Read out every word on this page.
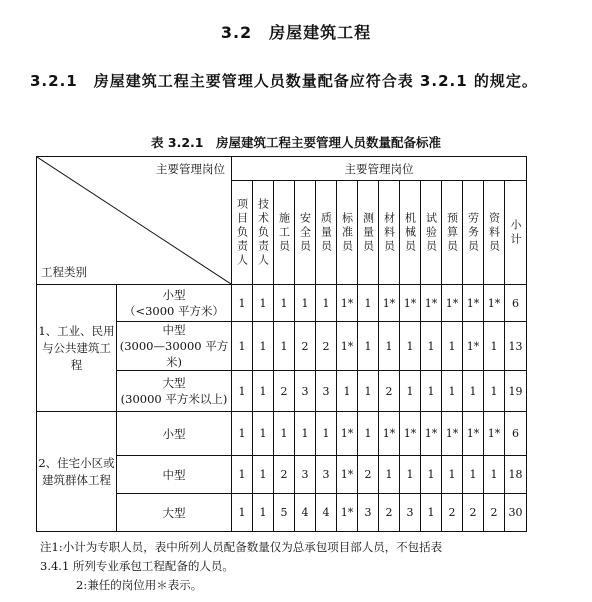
3.2　房屋建筑工程
3.2.1　房屋建筑工程主要管理人员数量配备应符合表 3.2.1 的规定。
表 3.2.1　房屋建筑工程主要管理人员数量配备标准
主要管理岗位
工程类别		主要管理岗位													

		项目负责人	技术负责人	施工员	安全员	质量员	标准员	测量员	材料员	机械员	试验员	预算员	劳务员	资料员	小计

1、工业、民用与公共建筑工程	小型
（<3000 平方米）	1	1	1	1	1	1*	1	1*	1*	1*	1*	1*	1*	6

	中型
(3000—30000 平方米)	1	1	1	2	2	1*	1	1	1	1	1	1*	1	13

	大型
(30000 平方米以上)	1	1	2	3	3	1	1	2	1	1	1	1	1	19
2、住宅小区或建筑群体工程	小型	1	1	1	1	1	1*	1	1*	1*	1*	1*	1*	1*	6

	中型	1	1	2	3	3	1*	2	1	1	1	1	1	1	18

	大型	1	1	5	4	4	1*	3	2	3	1	2	2	2	30
注1:小计为专职人员，表中所列人员配备数量仅为总承包项目部人员，不包括表
3.4.1 所列专业承包工程配备的人员。
2:兼任的岗位用＊表示。
